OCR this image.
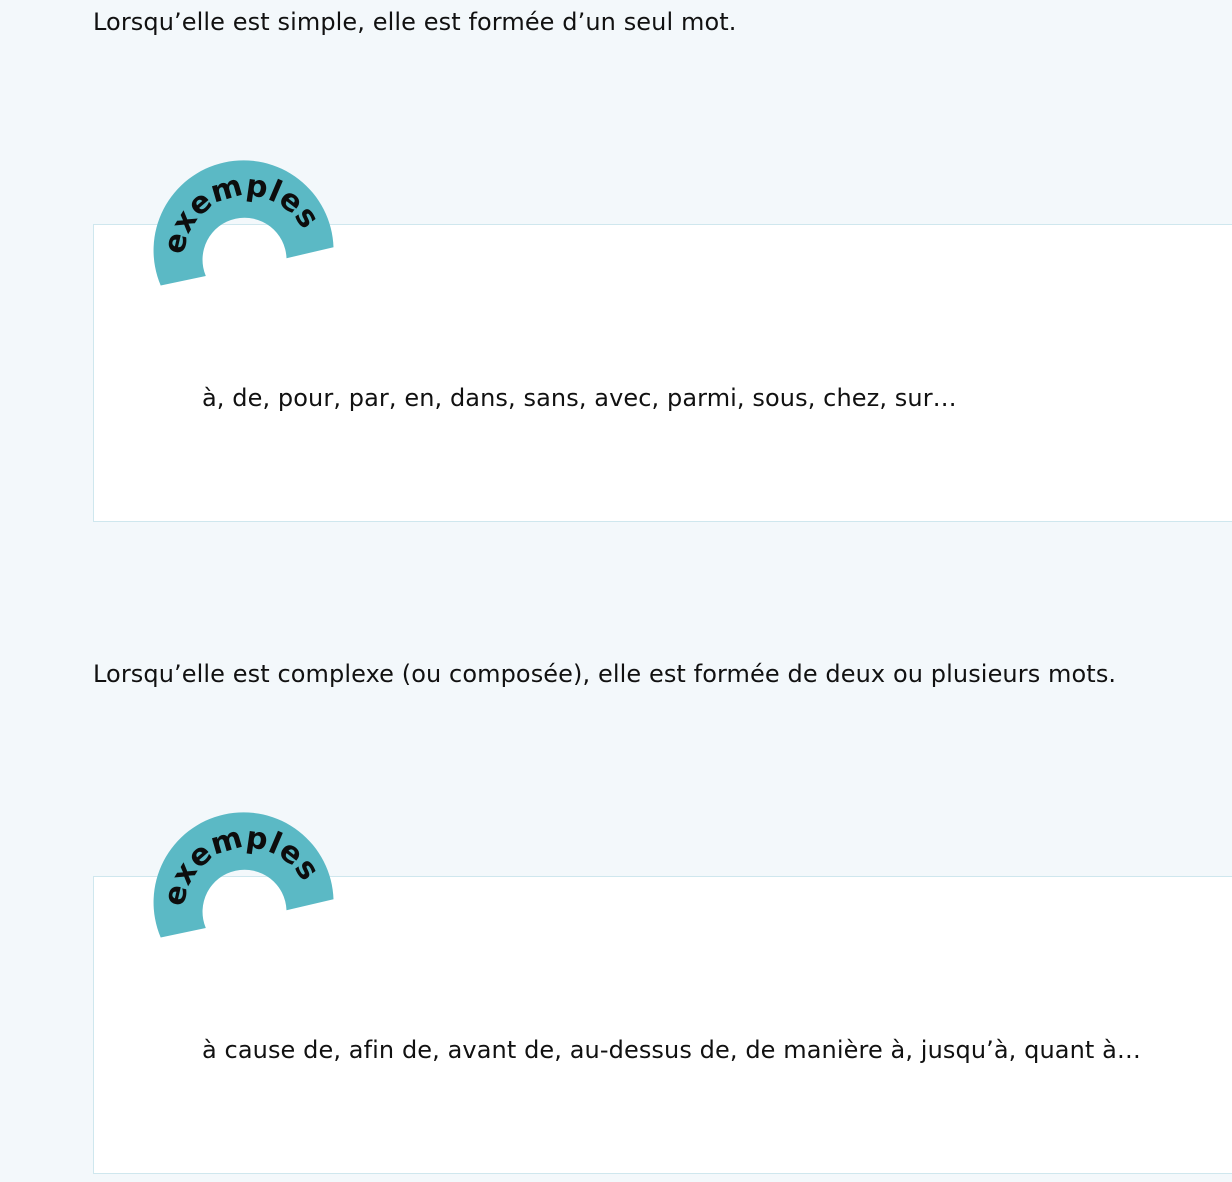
Lorsqu’elle est simple, elle est formée d’un seul mot.

à, de, pour, par, en, dans, sans, avec, parmi, sous, chez, sur…

exemples

Lorsqu’elle est complexe (ou composée), elle est formée de deux ou plusieurs mots.

à cause de, afin de, avant de, au-dessus de, de manière à, jusqu’à, quant à…

exemples
